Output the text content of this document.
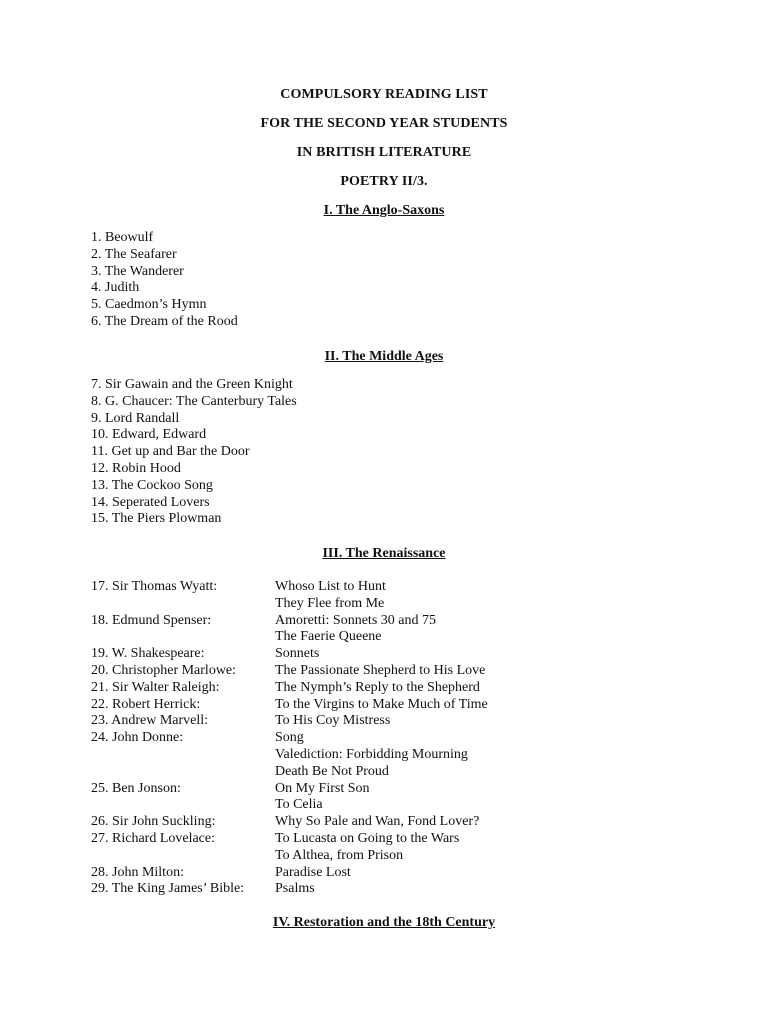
COMPULSORY READING LIST
FOR THE SECOND YEAR STUDENTS
IN BRITISH LITERATURE
POETRY II/3.
I. The Anglo-Saxons
1. Beowulf
2. The Seafarer
3. The Wanderer
4. Judith
5. Caedmon’s Hymn
6. The Dream of the Rood
II. The Middle Ages
7. Sir Gawain and the Green Knight
8. G. Chaucer: The Canterbury Tales
9. Lord Randall
10. Edward, Edward
11. Get up and Bar the Door
12. Robin Hood
13. The Cockoo Song
14. Seperated Lovers
15. The Piers Plowman
III. The Renaissance
17. Sir Thomas Wyatt:	Whoso List to Hunt
They Flee from Me
18. Edmund Spenser:	Amoretti: Sonnets 30 and 75
The Faerie Queene
19. W. Shakespeare:	Sonnets
20. Christopher Marlowe:	The Passionate Shepherd to His Love
21. Sir Walter Raleigh:	The Nymph’s Reply to the Shepherd
22. Robert Herrick:	To the Virgins to Make Much of Time
23. Andrew Marvell:	To His Coy Mistress
24. John Donne:	Song
Valediction: Forbidding Mourning
Death Be Not Proud
25. Ben Jonson:	On My First Son
To Celia
26. Sir John Suckling:	Why So Pale and Wan, Fond Lover?
27. Richard Lovelace:	To Lucasta on Going to the Wars
To Althea, from Prison
28. John Milton:	Paradise Lost
29. The King James’ Bible:	Psalms
IV. Restoration and the 18th Century
